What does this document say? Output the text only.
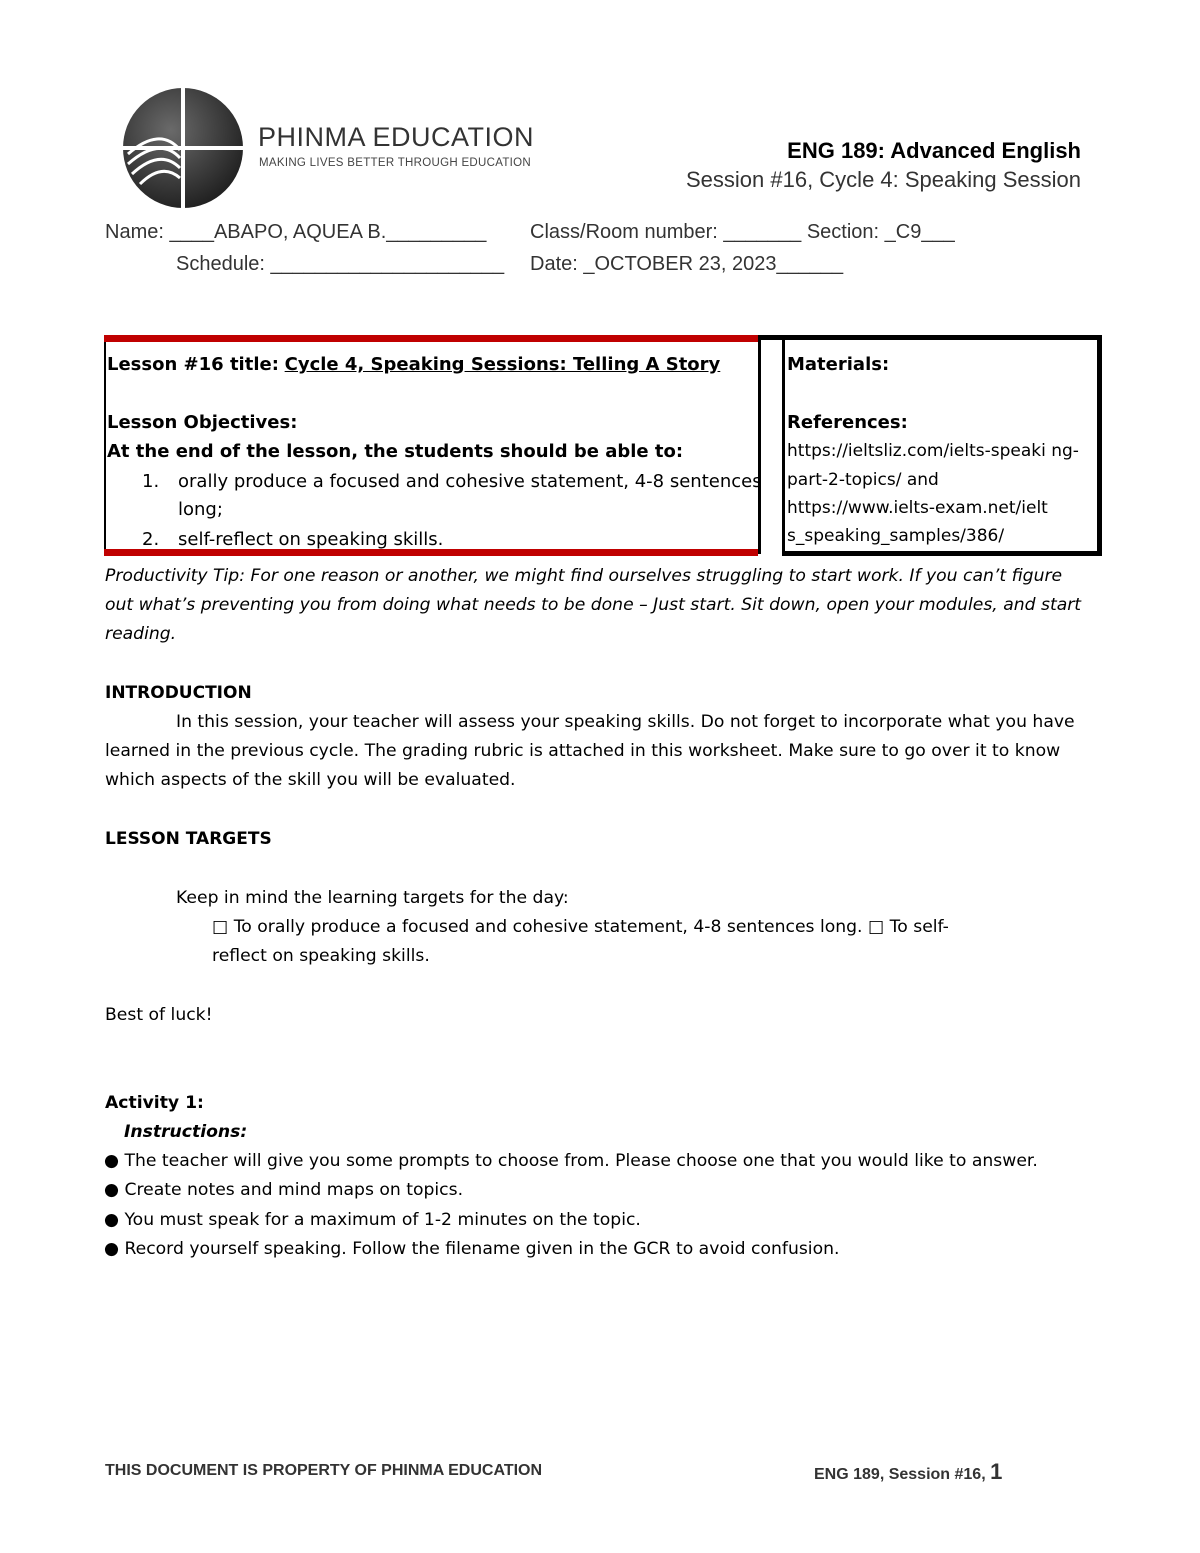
PHINMA EDUCATION
MAKING LIVES BETTER THROUGH EDUCATION	ENG 189: Advanced English
Session #16, Cycle 4: Speaking Session
Name: ____ABAPO, AQUEA B._________ Class/Room number: _______ Section: _C9___
Schedule: _____________________ Date: _OCTOBER 23, 2023______
Lesson #16 title: Cycle 4, Speaking Sessions: Telling A Story
Lesson Objectives:
At the end of the lesson, the students should be able to:
1. orally produce a focused and cohesive statement, 4-8 sentences
long;
2. self-reflect on speaking skills.
Materials:
References:
https://ieltsliz.com/ielts-speaki ng-
part-2-topics/ and
https://www.ielts-exam.net/ielt
s_speaking_samples/386/
Productivity Tip: For one reason or another, we might find ourselves struggling to start work. If you can’t figure
out what’s preventing you from doing what needs to be done – Just start. Sit down, open your modules, and start
reading.
INTRODUCTION
In this session, your teacher will assess your speaking skills. Do not forget to incorporate what you have
learned in the previous cycle. The grading rubric is attached in this worksheet. Make sure to go over it to know
which aspects of the skill you will be evaluated.
LESSON TARGETS
Keep in mind the learning targets for the day:
□ To orally produce a focused and cohesive statement, 4-8 sentences long. □ To self-
reflect on speaking skills.
Best of luck!
Activity 1:
Instructions:
● The teacher will give you some prompts to choose from. Please choose one that you would like to answer.
● Create notes and mind maps on topics.
● You must speak for a maximum of 1-2 minutes on the topic.
● Record yourself speaking. Follow the filename given in the GCR to avoid confusion.
THIS DOCUMENT IS PROPERTY OF PHINMA EDUCATION	ENG 189, Session #16, 1
